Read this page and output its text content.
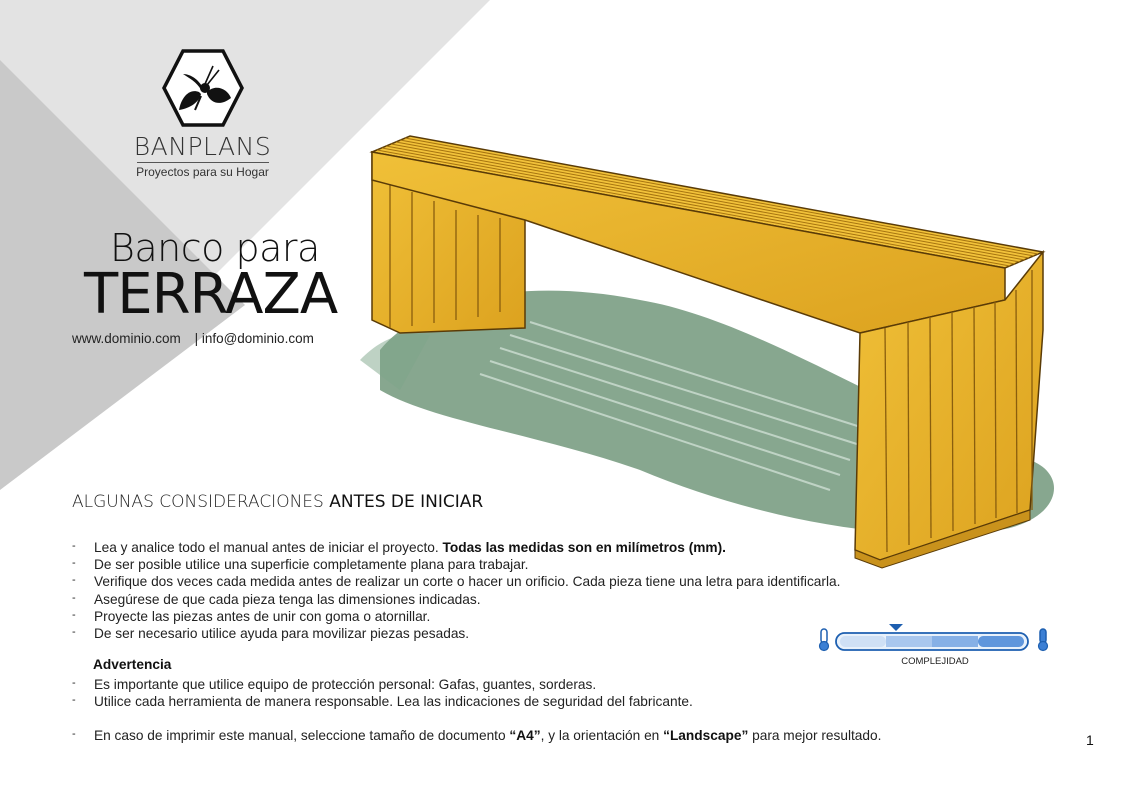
BANPLANS
Proyectos para su Hogar
Banco para
TERRAZA
www.dominio.com | info@dominio.com
ALGUNAS CONSIDERACIONES ANTES DE INICIAR
- Lea y analice todo el manual antes de iniciar el proyecto. Todas las medidas son en milímetros (mm).
- De ser posible utilice una superficie completamente plana para trabajar.
- Verifique dos veces cada medida antes de realizar un corte o hacer un orificio. Cada pieza tiene una letra para identificarla.
- Asegúrese de que cada pieza tenga las dimensiones indicadas.
- Proyecte las piezas antes de unir con goma o atornillar.
- De ser necesario utilice ayuda para movilizar piezas pesadas.
Advertencia
- Es importante que utilice equipo de protección personal: Gafas, guantes, sorderas.
- Utilice cada herramienta de manera responsable. Lea las indicaciones de seguridad del fabricante.
- En caso de imprimir este manual, seleccione tamaño de documento “A4”, y la orientación en “Landscape” para mejor resultado.
COMPLEJIDAD
1
